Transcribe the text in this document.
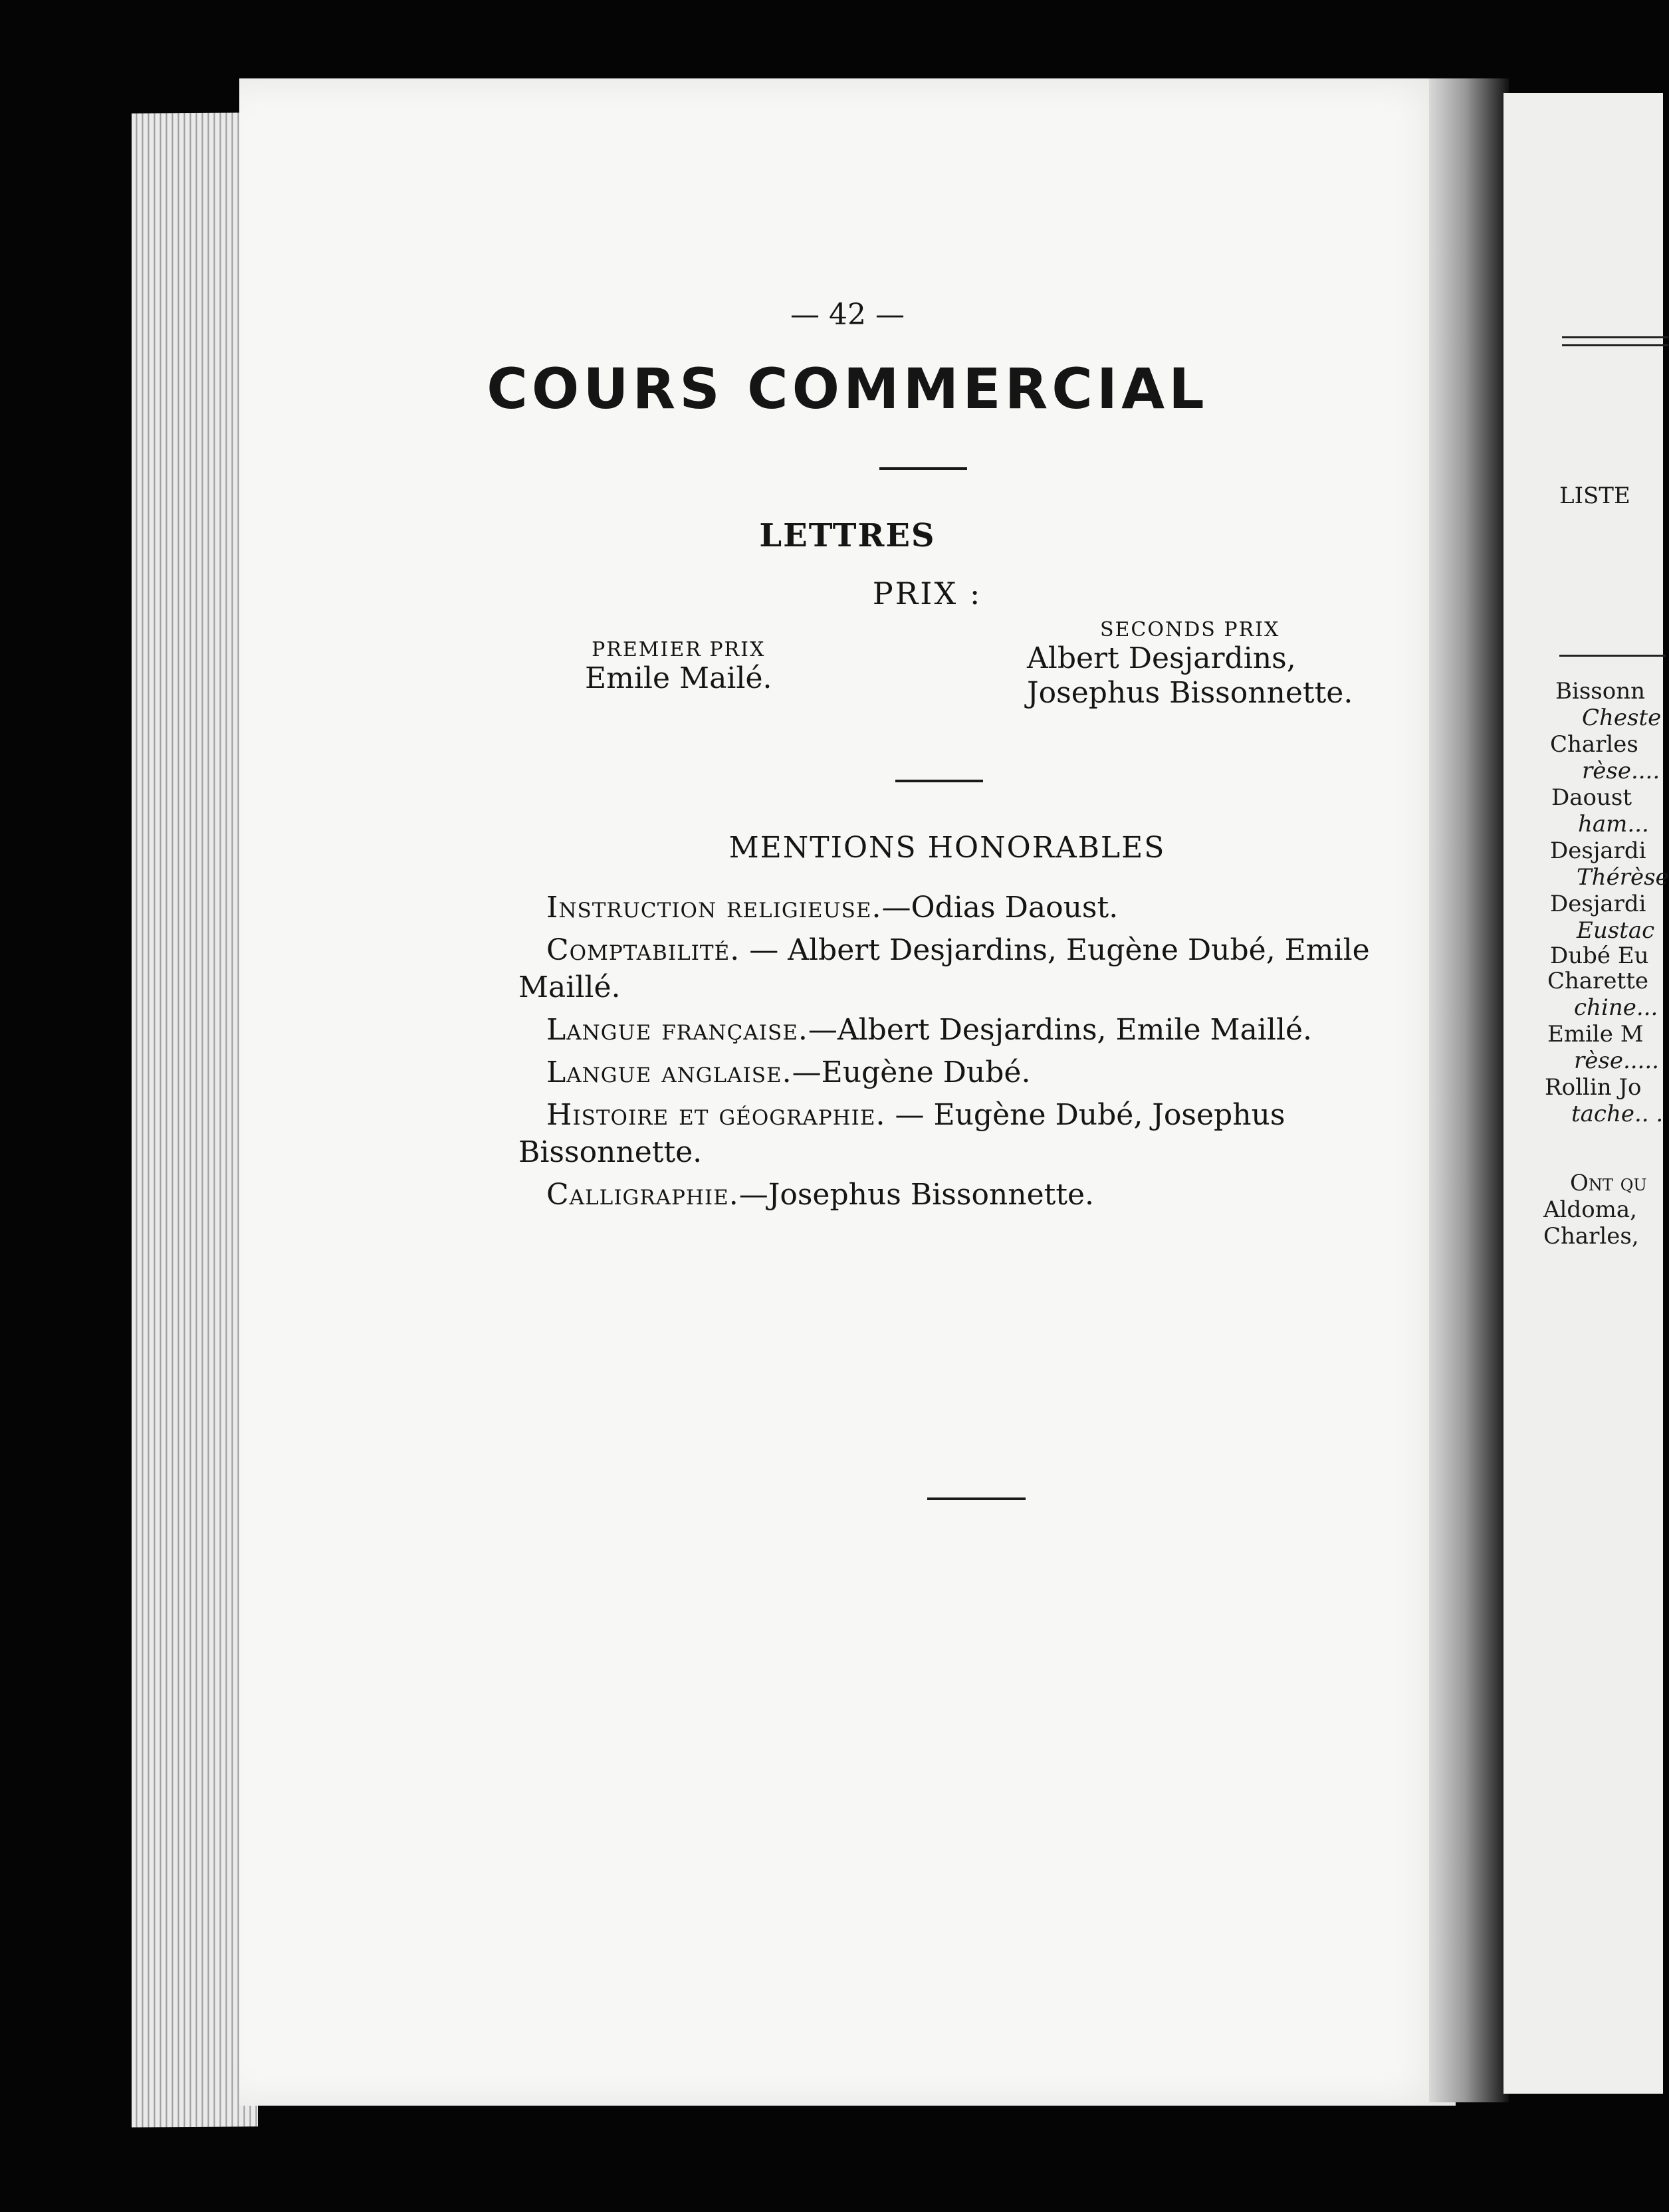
— 42 —
COURS COMMERCIAL
LETTRES
PRIX :
PREMIER PRIX
Emile Mailé.
SECONDS PRIX
Albert Desjardins,
Josephus Bissonnette.
MENTIONS HONORABLES

Instruction religieuse.—Odias Daoust.

Comptabilité. — Albert Desjardins, Eugène Dubé, Emile Maillé.

Langue française.—Albert Desjardins, Emile Maillé.

Langue anglaise.—Eugène Dubé.

Histoire et géographie. — Eugène Dubé, Josephus Bissonnette.

Calligraphie.—Josephus Bissonnette.

LISTE
Bissonn
Cheste
Charles
rèse....
Daoust
ham...
Desjardi
Thérèse
Desjardi
Eustac
Dubé Eu
Charette
chine...
Emile M
rèse.....
Rollin Jo
tache.. .
Ont qu
Aldoma,
Charles,
